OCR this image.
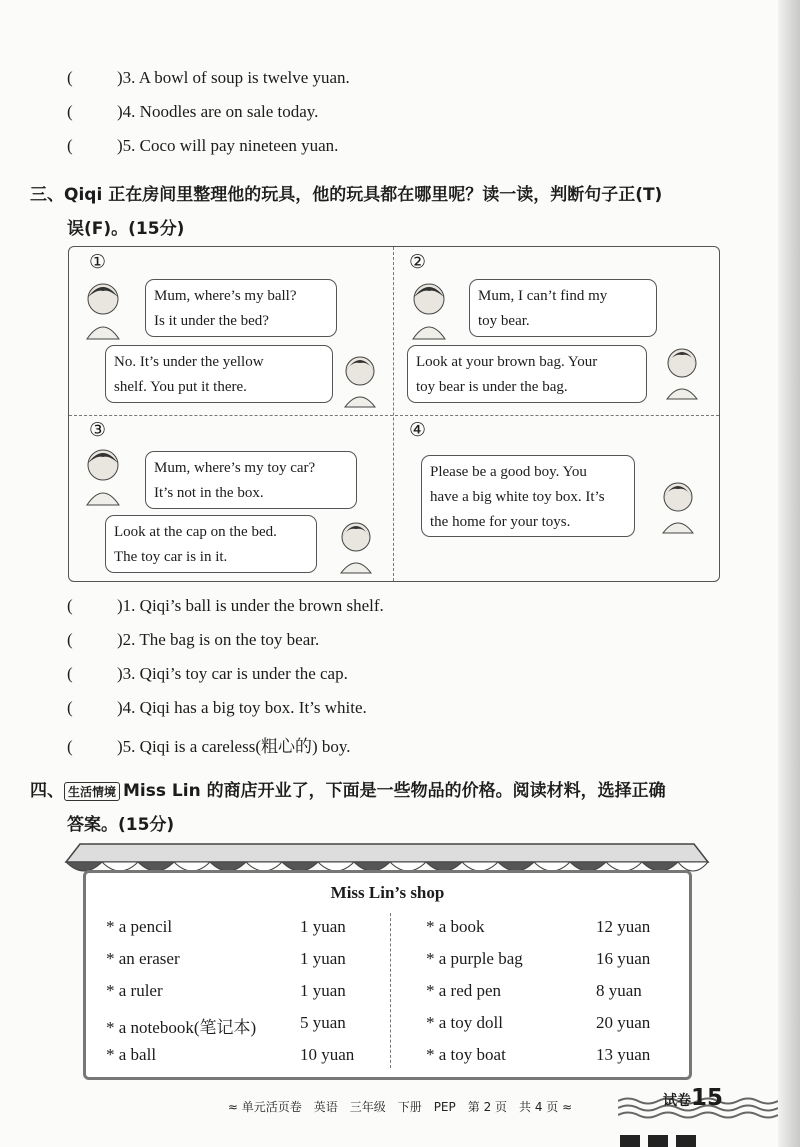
(	)3. A bowl of soup is twelve yuan.
(	)4. Noodles are on sale today.
(	)5. Coco will pay nineteen yuan.
三、Qiqi 正在房间里整理他的玩具，他的玩具都在哪里呢？读一读，判断句子正(T)
误(F)。(15分)
①
Mum, where’s my ball?
Is it under the bed?
No. It’s under the yellow
shelf. You put it there.
②
Mum, I can’t find my
toy bear.
Look at your brown bag. Your
toy bear is under the bag.
③
Mum, where’s my toy car?
It’s not in the box.
Look at the cap on the bed.
The toy car is in it.
④
Please be a good boy. You
have a big white toy box. It’s
the home for your toys.
(	)1. Qiqi’s ball is under the brown shelf.
(	)2. The bag is on the toy bear.
(	)3. Qiqi’s toy car is under the cap.
(	)4. Qiqi has a big toy box. It’s white.
(	)5. Qiqi is a careless(粗心的) boy.
四、 生活情境 Miss Lin 的商店开业了，下面是一些物品的价格。阅读材料，选择正确
答案。(15分)
Miss Lin’s shop
* a pencil	1 yuan
* an eraser	1 yuan
* a ruler	1 yuan
* a notebook(笔记本)	5 yuan
* a ball	10 yuan
* a book	12 yuan
* a purple bag	16 yuan
* a red pen	8 yuan
* a toy doll	20 yuan
* a toy boat	13 yuan
≈ 单元活页卷　英语　三年级　下册　PEP　第 2 页　共 4 页 ≈	试卷15
